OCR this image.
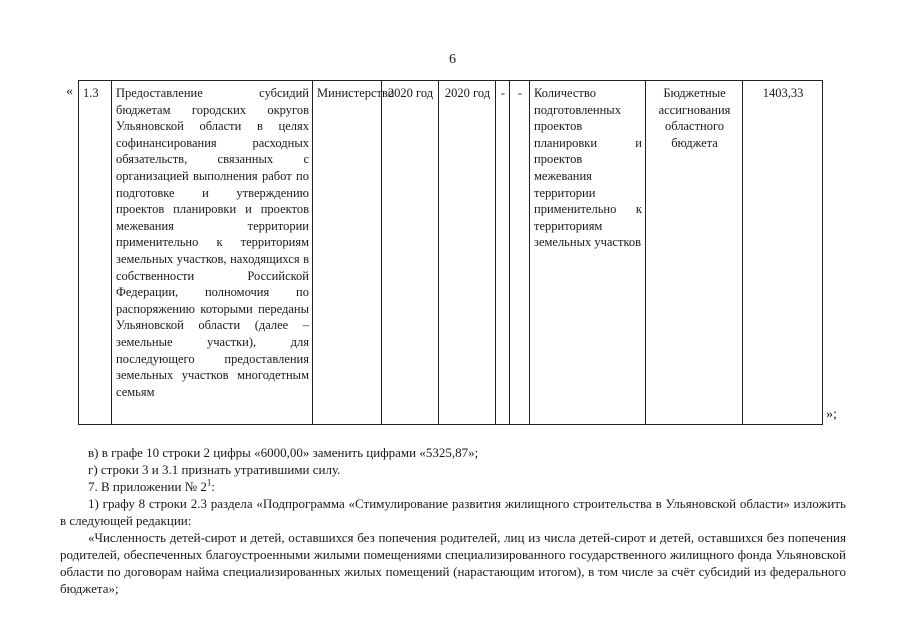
6
« 1.3	Предоставление субсидий бюджетам городских округов Ульяновской области в целях софинансирования расходных обязательств, связанных с организацией выполнения работ по подготовке и утверждению проектов планировки и проектов межевания территории применительно к территориям земельных участков, находящихся в собственности Российской Федерации, полномочия по распоряжению которыми переданы Ульяновской области (далее – земельные участки), для последующего предоставления земельных участков многодетным семьям	Министерство	2020 год	2020 год	-	-	Количество подготовленных проектов планировки и проектов межевания территории применительно к территориям земельных участков	Бюджетные ассигнования областного бюджета	1403,33
»;
в) в графе 10 строки 2 цифры «6000,00» заменить цифрами «5325,87»;
г) строки 3 и 3.1 признать утратившими силу.
7. В приложении № $2^1$:
1) графу 8 строки 2.3 раздела «Подпрограмма «Стимулирование развития жилищного строительства в Ульяновской области» изложить в следующей редакции:
«Численность детей-сирот и детей, оставшихся без попечения родителей, лиц из числа детей-сирот и детей, оставшихся без попечения родителей, обеспеченных благоустроенными жилыми помещениями специализированного государственного жилищного фонда Ульяновской области по договорам найма специализированных жилых помещений (нарастающим итогом), в том числе за счёт субсидий из федерального бюджета»;
